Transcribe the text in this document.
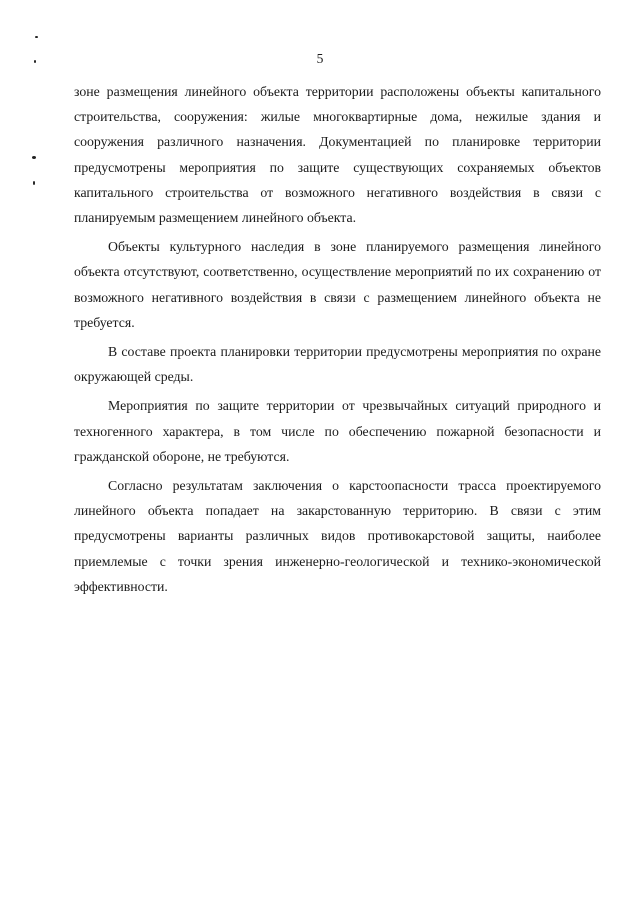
5

зоне размещения линейного объекта территории расположены объекты капитального строительства, сооружения: жилые многоквартирные дома, нежилые здания и сооружения различного назначения. Документацией по планировке территории предусмотрены мероприятия по защите существующих сохраняемых объектов капитального строительства от возможного негативного воздействия в связи с планируемым размещением линейного объекта.

Объекты культурного наследия в зоне планируемого размещения линейного объекта отсутствуют, соответственно, осуществление мероприятий по их сохранению от возможного негативного воздействия в связи с размещением линейного объекта не требуется.

В составе проекта планировки территории предусмотрены мероприятия по охране окружающей среды.

Мероприятия по защите территории от чрезвычайных ситуаций природного и техногенного характера, в том числе по обеспечению пожарной безопасности и гражданской обороне, не требуются.

Согласно результатам заключения о карстоопасности трасса проектируемого линейного объекта попадает на закарстованную территорию. В связи с этим предусмотрены варианты различных видов противокарстовой защиты, наиболее приемлемые с точки зрения инженерно-геологической и технико-экономической эффективности.
